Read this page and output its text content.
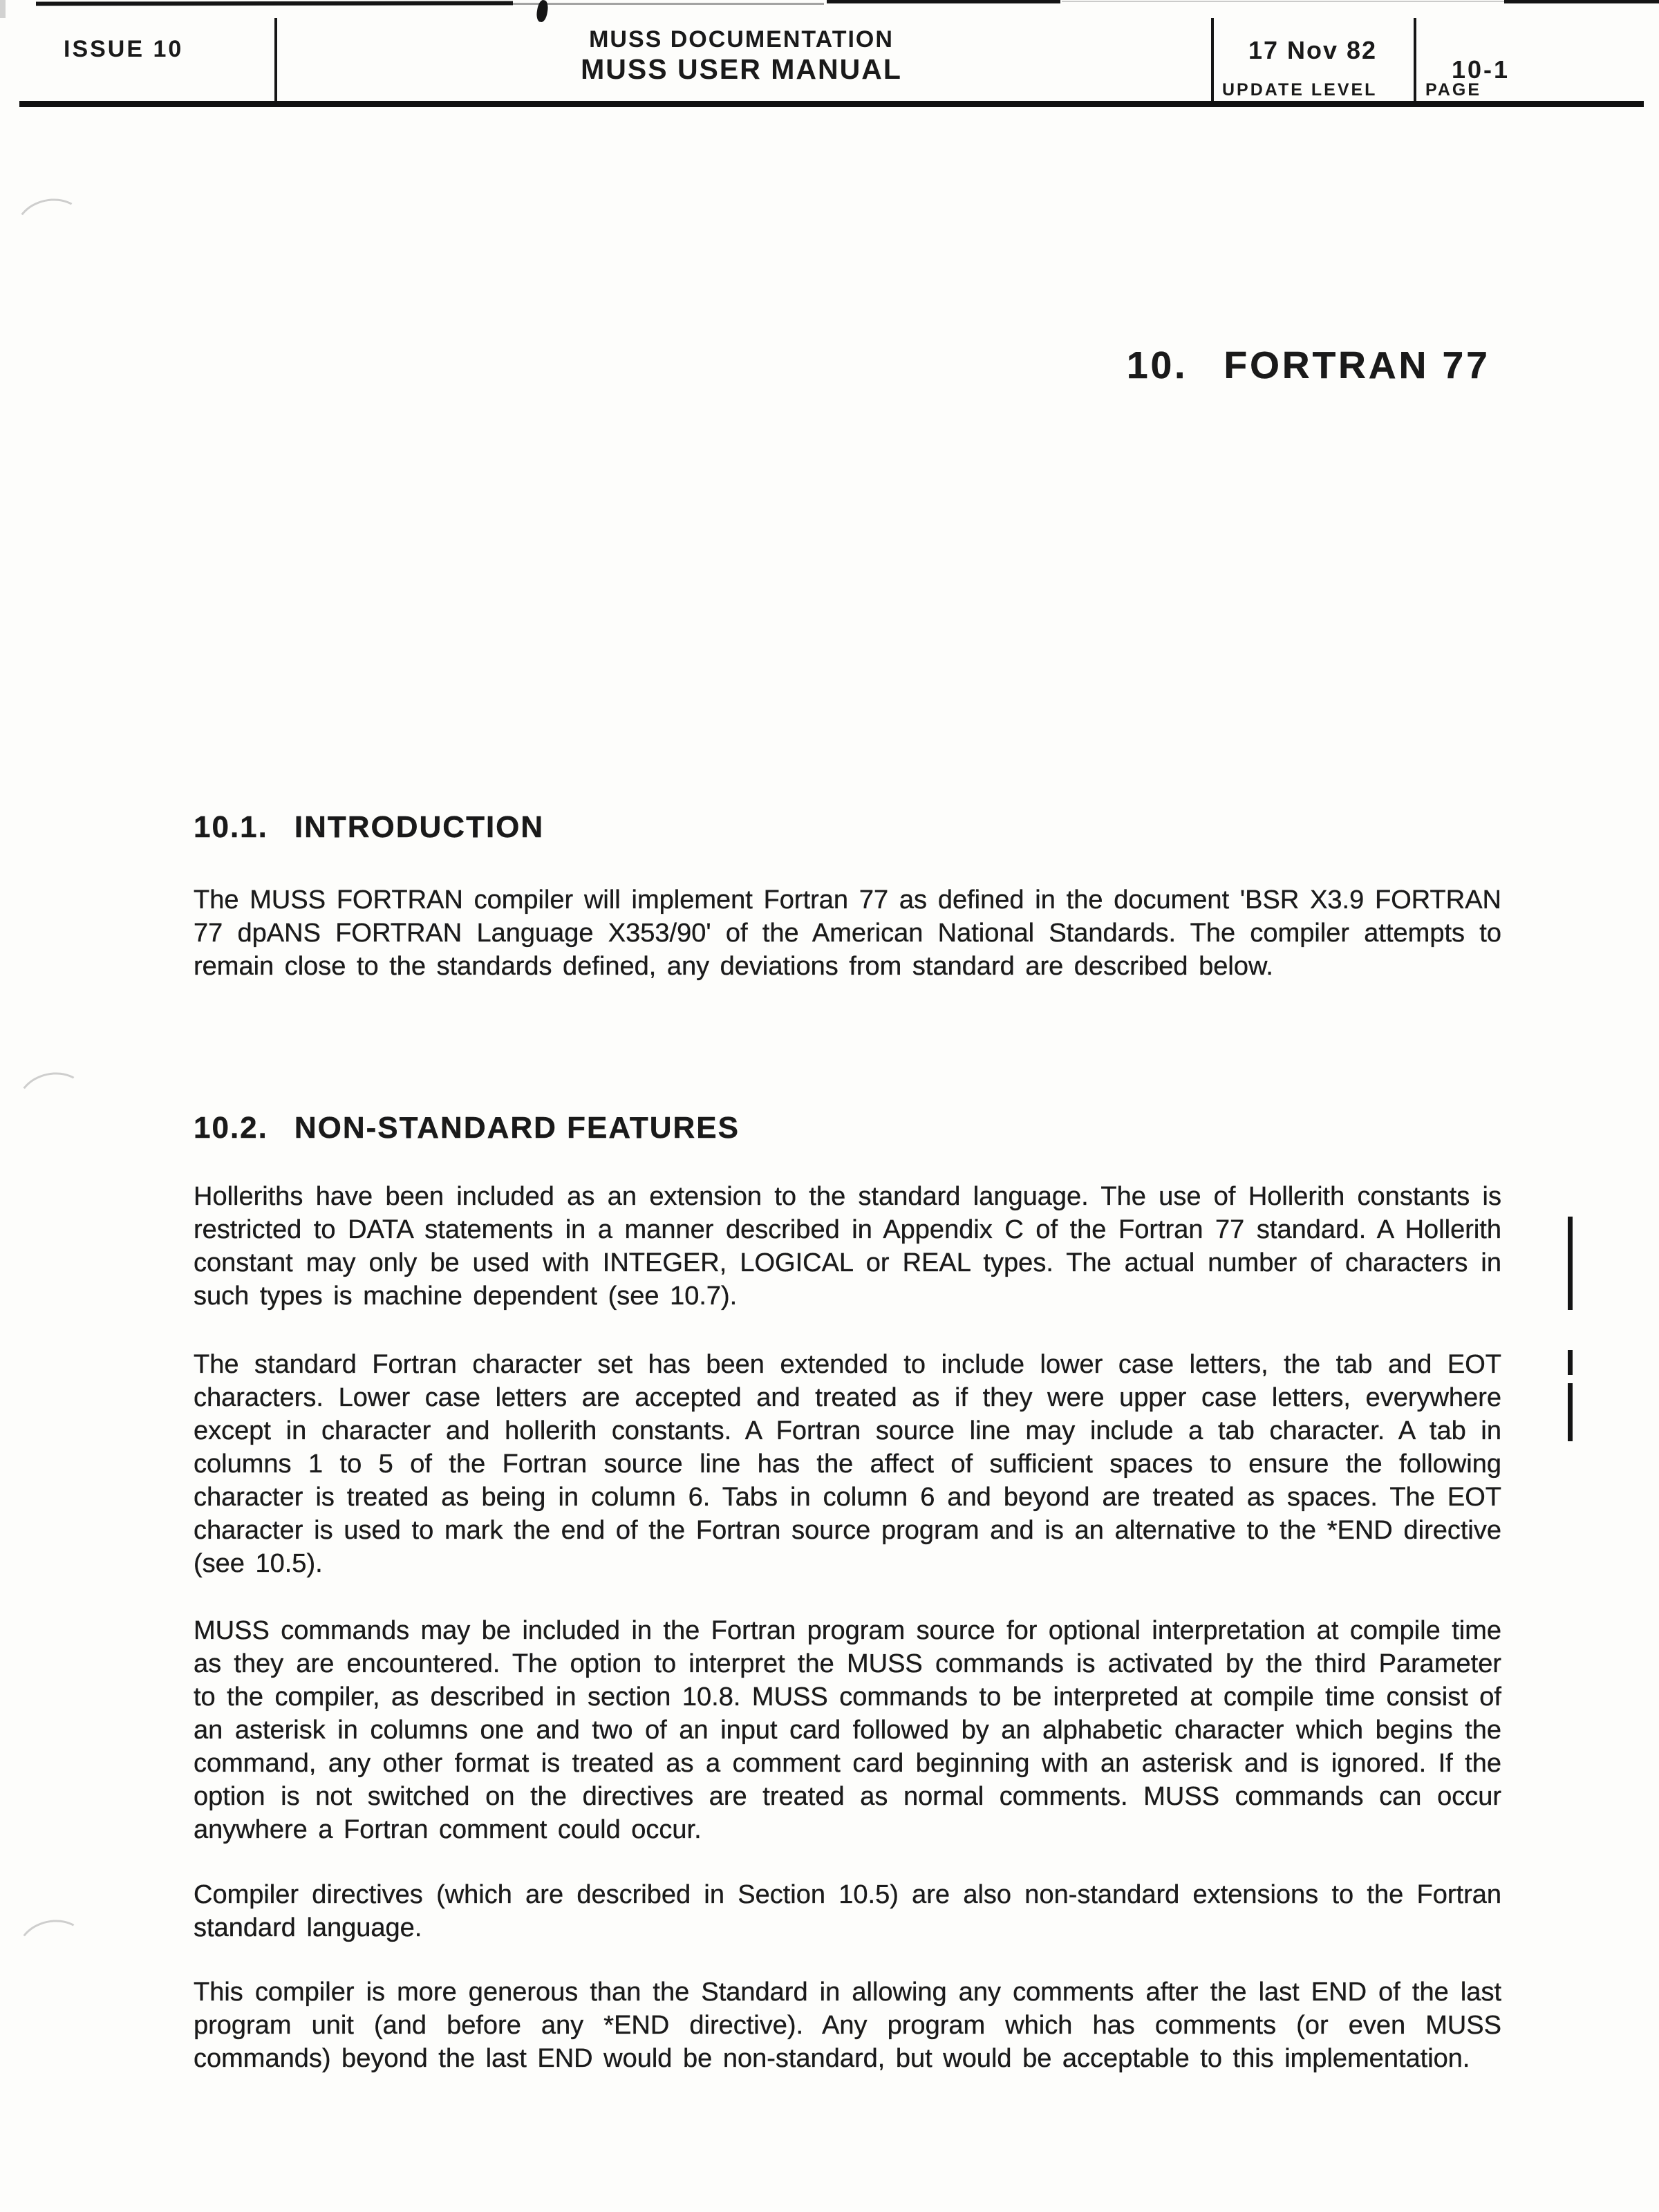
ISSUE 10	MUSS DOCUMENTATION
MUSS USER MANUAL
17 Nov 82
UPDATE LEVEL
10-1
PAGE
10. FORTRAN 77
10.1. INTRODUCTION

The MUSS FORTRAN compiler will implement Fortran 77 as defined in the document 'BSR X3.9 FORTRAN 77 dpANS FORTRAN Language X353/90' of the American National Standards. The compiler attempts to remain close to the standards defined, any deviations from standard are described below.

10.2. NON-STANDARD FEATURES

Holleriths have been included as an extension to the standard language. The use of Hollerith constants is restricted to DATA statements in a manner described in Appendix C of the Fortran 77 standard. A Hollerith constant may only be used with INTEGER, LOGICAL or REAL types. The actual number of characters in such types is machine dependent (see 10.7).

The standard Fortran character set has been extended to include lower case letters, the tab and EOT characters. Lower case letters are accepted and treated as if they were upper case letters, everywhere except in character and hollerith constants. A Fortran source line may include a tab character. A tab in columns 1 to 5 of the Fortran source line has the affect of sufficient spaces to ensure the following character is treated as being in column 6. Tabs in column 6 and beyond are treated as spaces. The EOT character is used to mark the end of the Fortran source program and is an alternative to the *END directive (see 10.5).

MUSS commands may be included in the Fortran program source for optional interpretation at compile time as they are encountered. The option to interpret the MUSS commands is activated by the third Parameter to the compiler, as described in section 10.8. MUSS commands to be interpreted at compile time consist of an asterisk in columns one and two of an input card followed by an alphabetic character which begins the command, any other format is treated as a comment card beginning with an asterisk and is ignored. If the option is not switched on the directives are treated as normal comments. MUSS commands can occur anywhere a Fortran comment could occur.

Compiler directives (which are described in Section 10.5) are also non-standard extensions to the Fortran standard language.

This compiler is more generous than the Standard in allowing any comments after the last END of the last program unit (and before any *END directive). Any program which has comments (or even MUSS commands) beyond the last END would be non-standard, but would be acceptable to this implementation.
